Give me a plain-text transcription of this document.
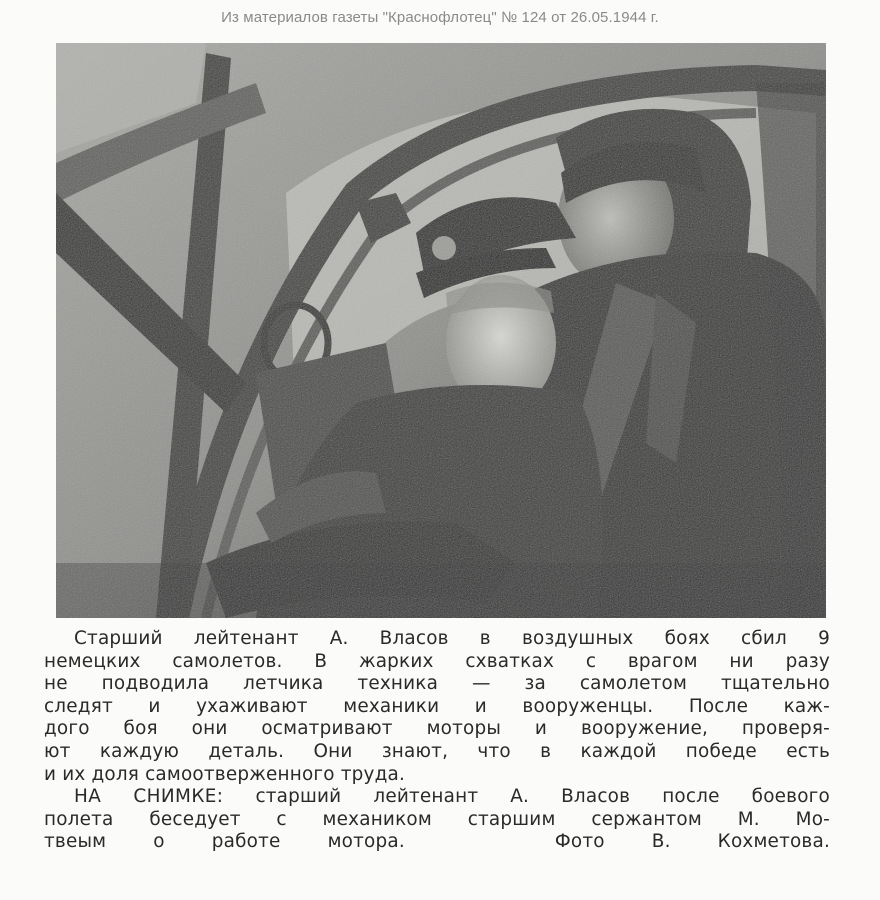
Из материалов газеты "Краснофлотец" № 124 от 26.05.1944 г.
Старший лейтенант А. Власов в воздушных боях сбил 9
немецких самолетов. В жарких схватках с врагом ни разу
не подводила летчика техника — за самолетом тщательно
следят и ухаживают механики и вооруженцы. После каж-
дого боя они осматривают моторы и вооружение, проверя-
ют каждую деталь. Они знают, что в каждой победе есть
и их доля самоотверженного труда.
НА СНИМКЕ: старший лейтенант А. Власов после боевого
полета беседует с механиком старшим сержантом М. Мо-
твеым о работе мотора.	Фото В. Кохметова.
